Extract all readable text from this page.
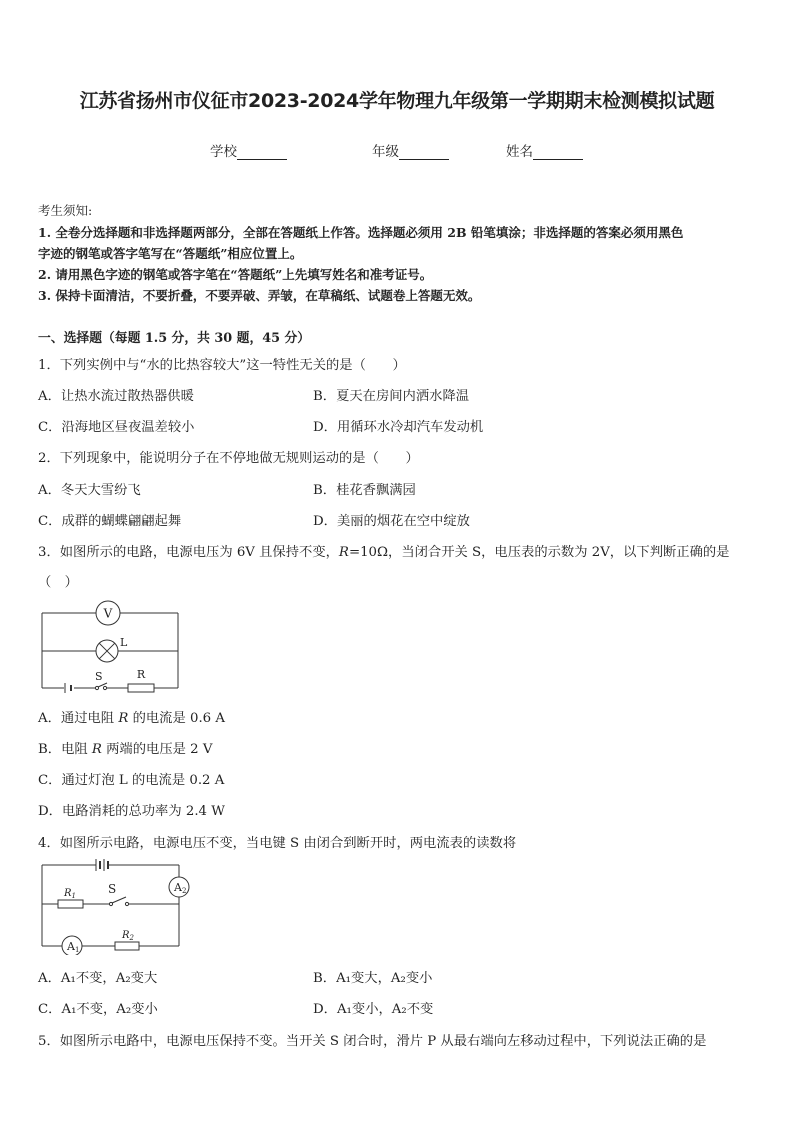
江苏省扬州市仪征市2023-2024学年物理九年级第一学期期末检测模拟试题
学校	年级	姓名
考生须知:
1. 全卷分选择题和非选择题两部分，全部在答题纸上作答。选择题必须用 2B 铅笔填涂；非选择题的答案必须用黑色
字迹的钢笔或答字笔写在“答题纸”相应位置上。
2. 请用黑色字迹的钢笔或答字笔在“答题纸”上先填写姓名和准考证号。
3. 保持卡面清洁，不要折叠，不要弄破、弄皱，在草稿纸、试题卷上答题无效。
一、选择题（每题 1.5 分，共 30 题，45 分）
1．下列实例中与“水的比热容较大”这一特性无关的是（　　）
A．让热水流过散热器供暖	B．夏天在房间内洒水降温
C．沿海地区昼夜温差较小	D．用循环水冷却汽车发动机
2．下列现象中，能说明分子在不停地做无规则运动的是（　　）
A．冬天大雪纷飞	B．桂花香飘满园
C．成群的蝴蝶翩翩起舞	D．美丽的烟花在空中绽放
3．如图所示的电路，电源电压为 6V 且保持不变，R=10Ω，当闭合开关 S，电压表的示数为 2V，以下判断正确的是
（　）
V
L
S	R
A．通过电阻 R 的电流是 0.6 A
B．电阻 R 两端的电压是 2 V
C．通过灯泡 L 的电流是 0.2 A
D．电路消耗的总功率为 2.4 W
4．如图所示电路，电源电压不变，当电键 S 由闭合到断开时，两电流表的读数将
$R_1$	S	A2
A1
$R_2$
A．A₁不变，A₂变大	B．A₁变大，A₂变小
C．A₁不变，A₂变小	D．A₁变小，A₂不变
5．如图所示电路中，电源电压保持不变。当开关 S 闭合时，滑片 P 从最右端向左移动过程中，下列说法正确的是
